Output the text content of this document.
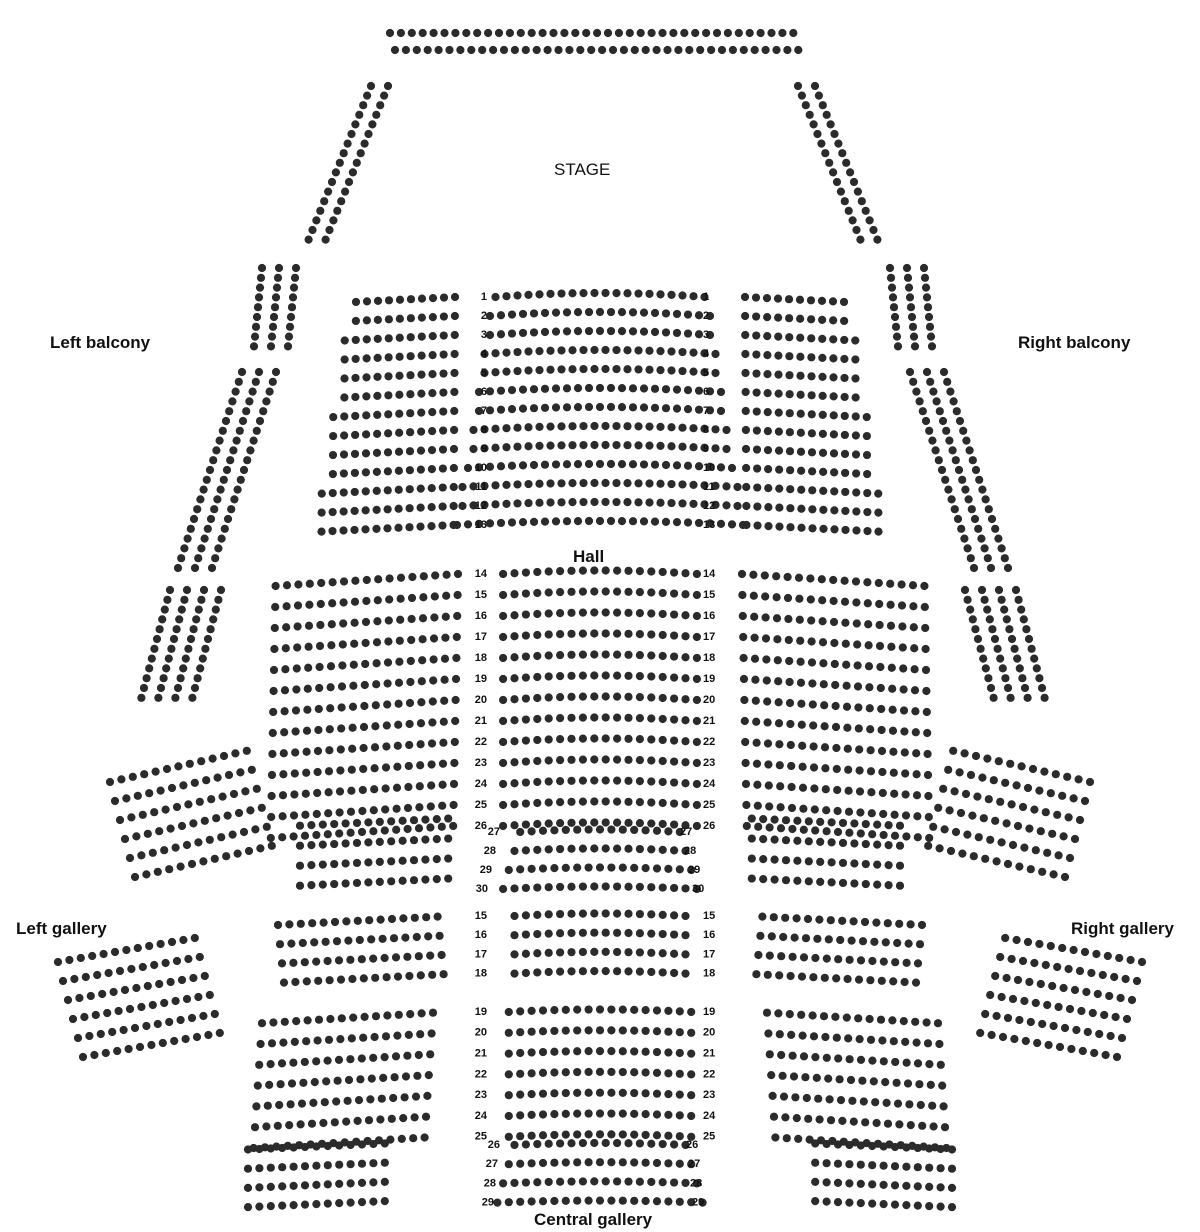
1
2
3
4
5
6
7
8
9
10
11
12
13
1
2
3
4
5
6
7
8
9
10
11
12
13
14
15
16
17
18
19
20
21
22
23
24
25
26
14
15
16
17
18
19
20
21
22
23
24
25
26
27
28
29
30
27
28
29
30
15
16
17
18
15
16
17
18
19
20
21
22
23
24
25
19
20
21
22
23
24
25
26
27
28
29
26
27
28
29
STAGE
Left balcony	Right balcony
Hall
Left gallery	Right gallery
Central gallery
